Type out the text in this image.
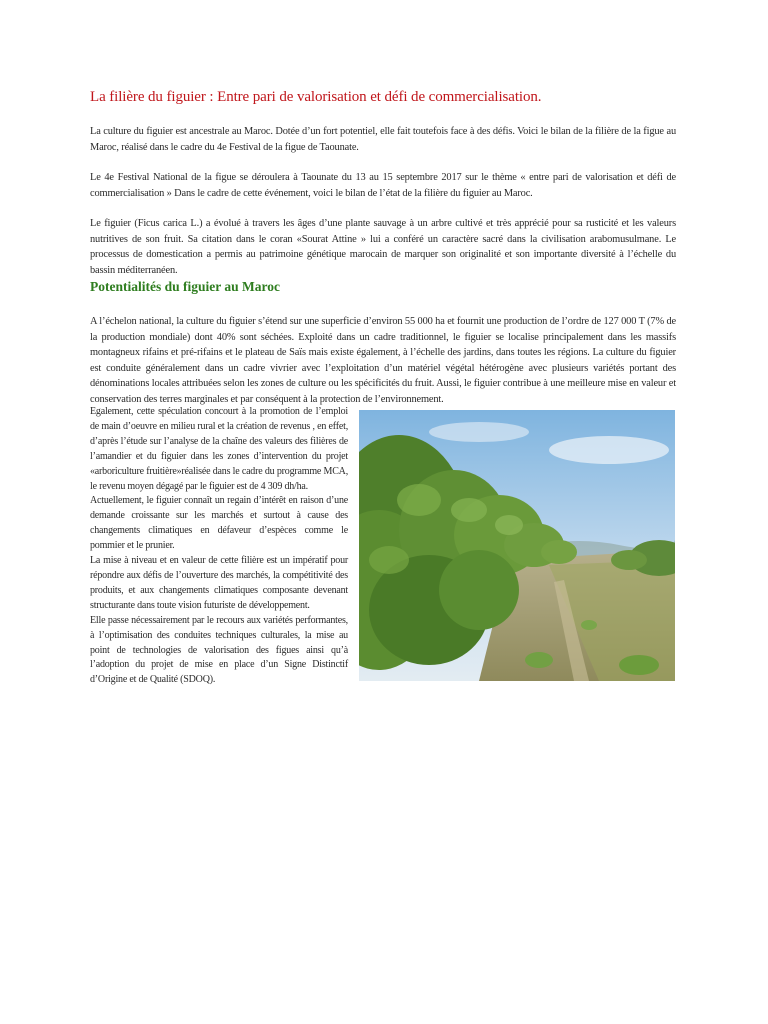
La filière du figuier : Entre pari de valorisation et défi de commercialisation.

La culture du figuier est ancestrale au Maroc. Dotée d’un fort potentiel, elle fait toutefois face à des défis. Voici le bilan de la filière de la figue au Maroc, réalisé dans le cadre du 4e Festival de la figue de Taounate.

Le 4e Festival National de la figue se déroulera à Taounate du 13 au 15 septembre 2017 sur le thème « entre pari de valorisation et défi de commercialisation » Dans le cadre de cette événement, voici le bilan de l’état de la filière du figuier au Maroc.

Le figuier (Ficus carica L.) a évolué à travers les âges d’une plante sauvage à un arbre cultivé et très apprécié pour sa rusticité et les valeurs nutritives de son fruit. Sa citation dans le coran «Sourat Attine » lui a conféré un caractère sacré dans la civilisation arabomusulmane. Le processus de domestication a permis au patrimoine génétique marocain de marquer son originalité et son importante diversité à l’échelle du bassin méditerranéen.

Potentialités du figuier au Maroc

A l’échelon national, la culture du figuier s’étend sur une superficie d’environ 55 000 ha et fournit une production de l’ordre de 127 000 T (7% de la production mondiale) dont 40% sont séchées. Exploité dans un cadre traditionnel, le figuier se localise principalement dans les massifs montagneux rifains et pré-rifains et le plateau de Saïs mais existe également, à l’échelle des jardins, dans toutes les régions. La culture du figuier est conduite généralement dans un cadre vivrier avec l’exploitation d’un matériel végétal hétérogène avec plusieurs variétés portant des dénominations locales attribuées selon les zones de culture ou les spécificités du fruit. Aussi, le figuier contribue à une meilleure mise en valeur et conservation des terres marginales et par conséquent à la protection de l’environnement.

Egalement, cette spéculation concourt à la promotion de l’emploi de main d’oeuvre en milieu rural et la création de revenus , en effet, d’après l’étude sur l’analyse de la chaîne des valeurs des filières de l’amandier et du figuier dans les zones d’intervention du projet «arboriculture fruitière»réalisée dans le cadre du programme MCA, le revenu moyen dégagé par le figuier est de 4 309 dh/ha.

Actuellement, le figuier connaît un regain d’intérêt en raison d’une demande croissante sur les marchés et surtout à cause des changements climatiques en défaveur d’espèces comme le pommier et le prunier.

La mise à niveau et en valeur de cette filière est un impératif pour répondre aux défis de l’ouverture des marchés, la compétitivité des produits, et aux changements climatiques composante devenant structurante dans toute vision futuriste de développement.

Elle passe nécessairement par le recours aux variétés performantes, à l’optimisation des conduites techniques culturales, la mise au point de technologies de valorisation des figues ainsi qu’à l’adoption du projet de mise en place d’un Signe Distinctif d’Origine et de Qualité (SDOQ).
